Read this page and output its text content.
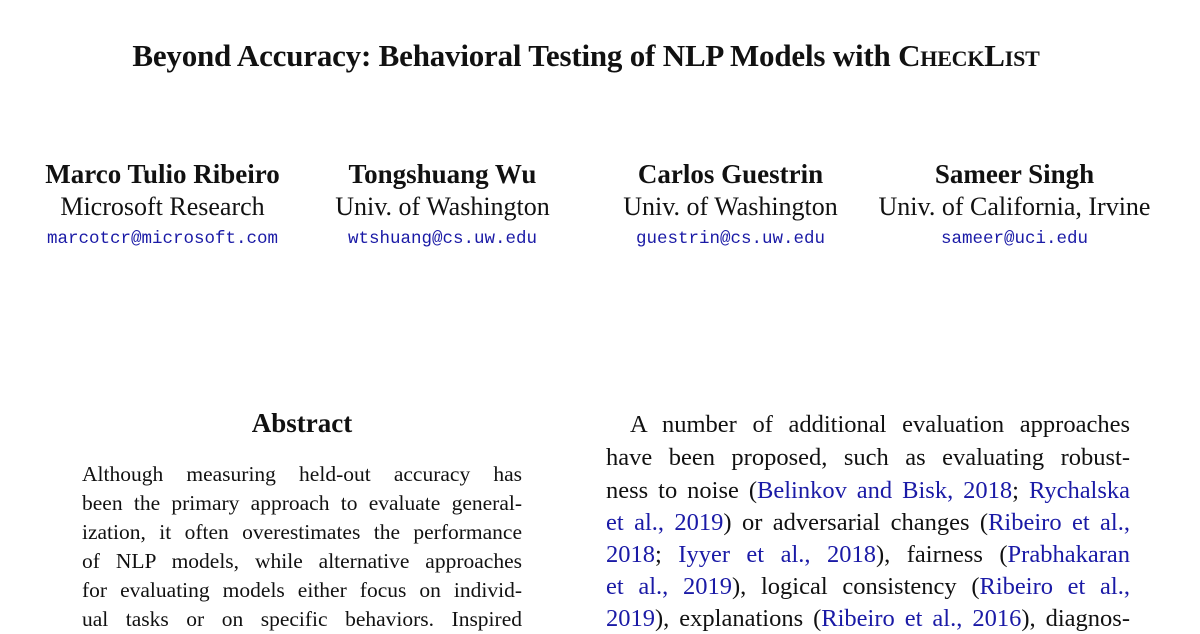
Beyond Accuracy: Behavioral Testing of NLP Models with CheckList
Marco Tulio Ribeiro
Microsoft Research
marcotcr@microsoft.com
Tongshuang Wu
Univ. of Washington
wtshuang@cs.uw.edu
Carlos Guestrin
Univ. of Washington
guestrin@cs.uw.edu
Sameer Singh
Univ. of California, Irvine
sameer@uci.edu
Abstract
Although measuring held-out accuracy has
been the primary approach to evaluate general-
ization, it often overestimates the performance
of NLP models, while alternative approaches
for evaluating models either focus on individ-
ual tasks or on specific behaviors. Inspired
A number of additional evaluation approaches
have been proposed, such as evaluating robust-
ness to noise (Belinkov and Bisk, 2018; Rychalska
et al., 2019) or adversarial changes (Ribeiro et al.,
2018; Iyyer et al., 2018), fairness (Prabhakaran
et al., 2019), logical consistency (Ribeiro et al.,
2019), explanations (Ribeiro et al., 2016), diagnos-
